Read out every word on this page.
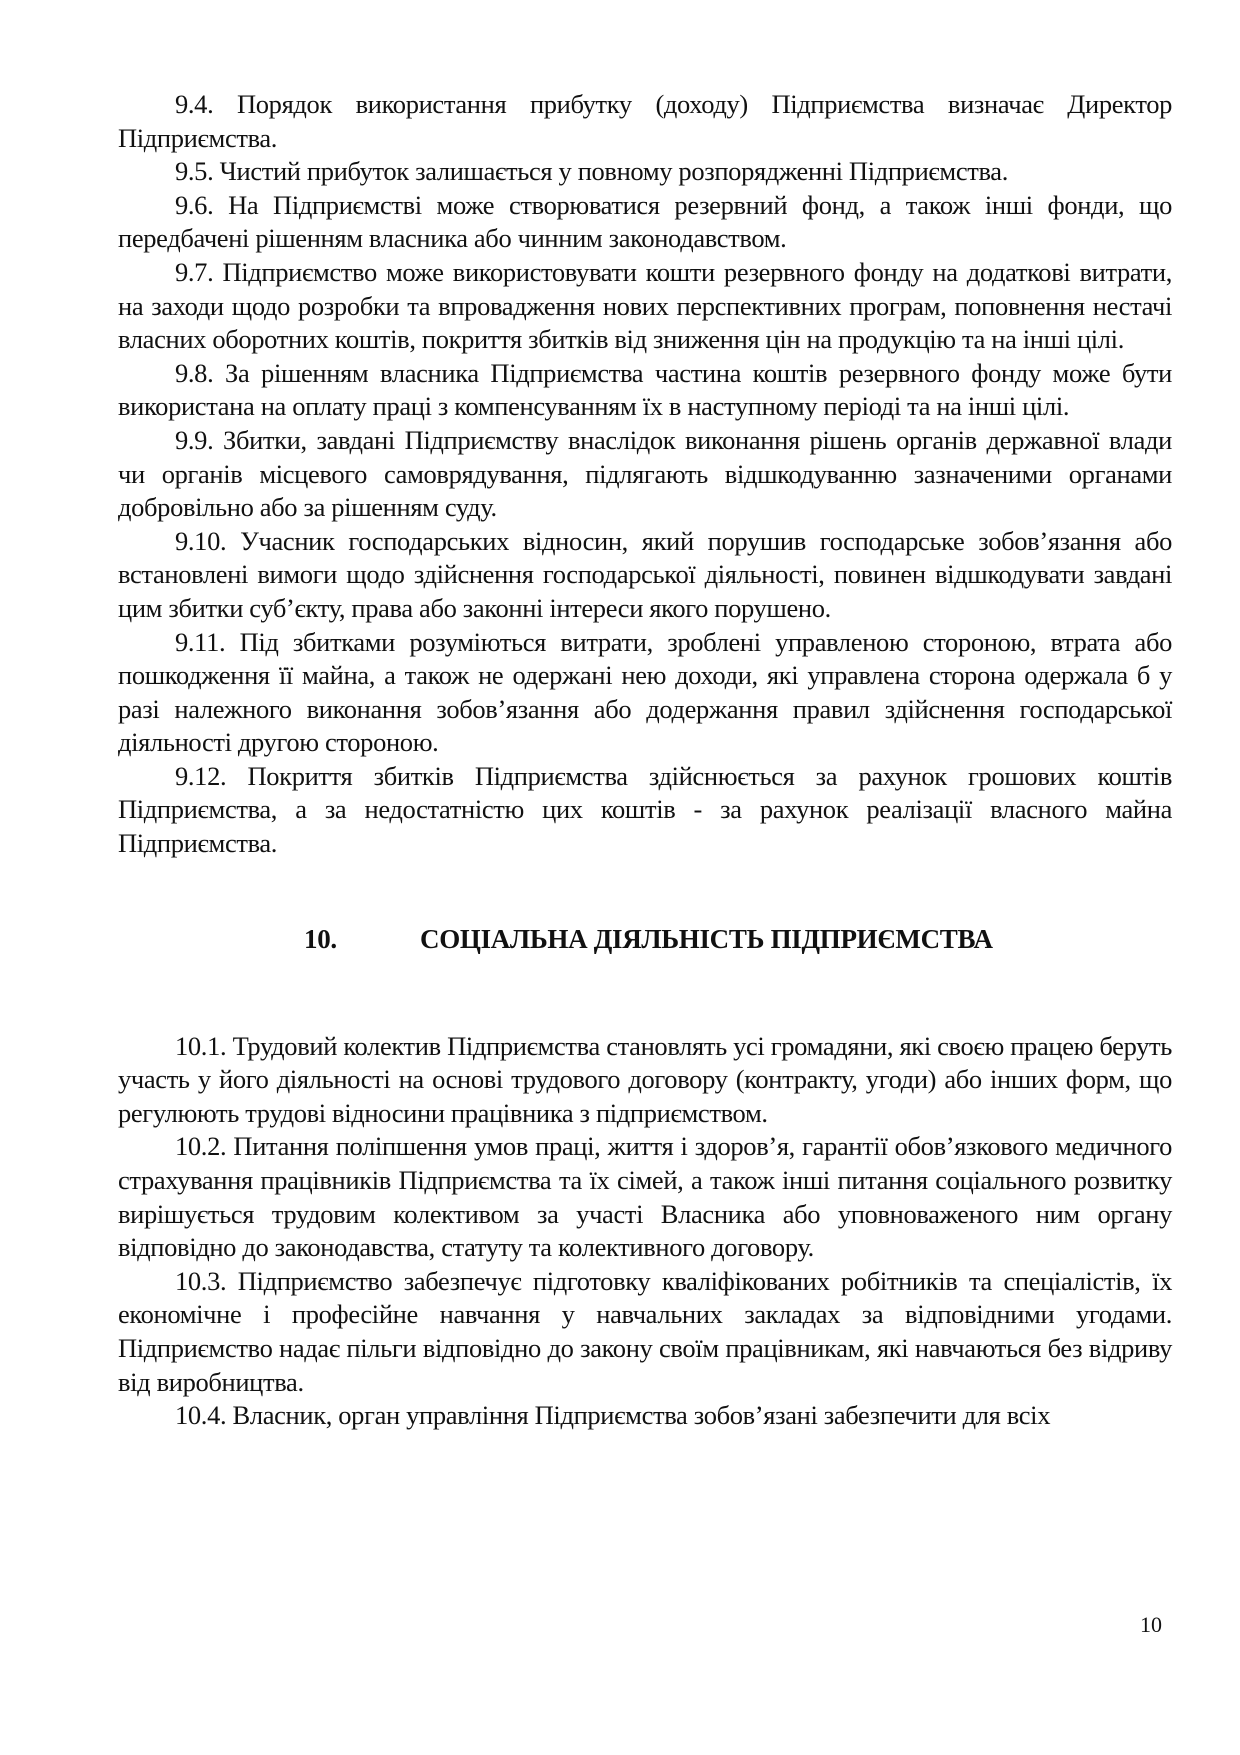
9.4. Порядок використання прибутку (доходу) Підприємства визначає Директор Підприємства.

9.5. Чистий прибуток залишається у повному розпорядженні Підприємства.

9.6. На Підприємстві може створюватися резервний фонд, а також інші фонди, що передбачені рішенням власника або чинним законодавством.

9.7. Підприємство може використовувати кошти резервного фонду на додаткові витрати, на заходи щодо розробки та впровадження нових перспективних програм, поповнення нестачі власних оборотних коштів, покриття збитків від зниження цін на продукцію та на інші цілі.

9.8. За рішенням власника Підприємства частина коштів резервного фонду може бути використана на оплату праці з компенсуванням їх в наступному періоді та на інші цілі.

9.9. Збитки, завдані Підприємству внаслідок виконання рішень органів державної влади чи органів місцевого самоврядування, підлягають відшкодуванню зазначеними органами добровільно або за рішенням суду.

9.10. Учасник господарських відносин, який порушив господарське зобов’язання або встановлені вимоги щодо здійснення господарської діяльності, повинен відшкодувати завдані цим збитки суб’єкту, права або законні інтереси якого порушено.

9.11. Під збитками розуміються витрати, зроблені управленою стороною, втрата або пошкодження її майна, а також не одержані нею доходи, які управлена сторона одержала б у разі належного виконання зобов’язання або додержання правил здійснення господарської діяльності другою стороною.

9.12. Покриття збитків Підприємства здійснюється за рахунок грошових коштів Підприємства, а за недостатністю цих коштів - за рахунок реалізації власного майна Підприємства.

10.	СОЦІАЛЬНА ДІЯЛЬНІСТЬ ПІДПРИЄМСТВА

10.1. Трудовий колектив Підприємства становлять усі громадяни, які своєю працею беруть участь у його діяльності на основі трудового договору (контракту, угоди) або інших форм, що регулюють трудові відносини працівника з підприємством.

10.2. Питання поліпшення умов праці, життя і здоров’я, гарантії обов’язкового медичного страхування працівників Підприємства та їх сімей, а також інші питання соціального розвитку вирішується трудовим колективом за участі Власника або уповноваженого ним органу відповідно до законодавства, статуту та колективного договору.

10.3. Підприємство забезпечує підготовку кваліфікованих робітників та спеціалістів, їх економічне і професійне навчання у навчальних закладах за відповідними угодами. Підприємство надає пільги відповідно до закону своїм працівникам, які навчаються без відриву від виробництва.

10.4. Власник, орган управління Підприємства зобов’язані забезпечити для всіх

10
